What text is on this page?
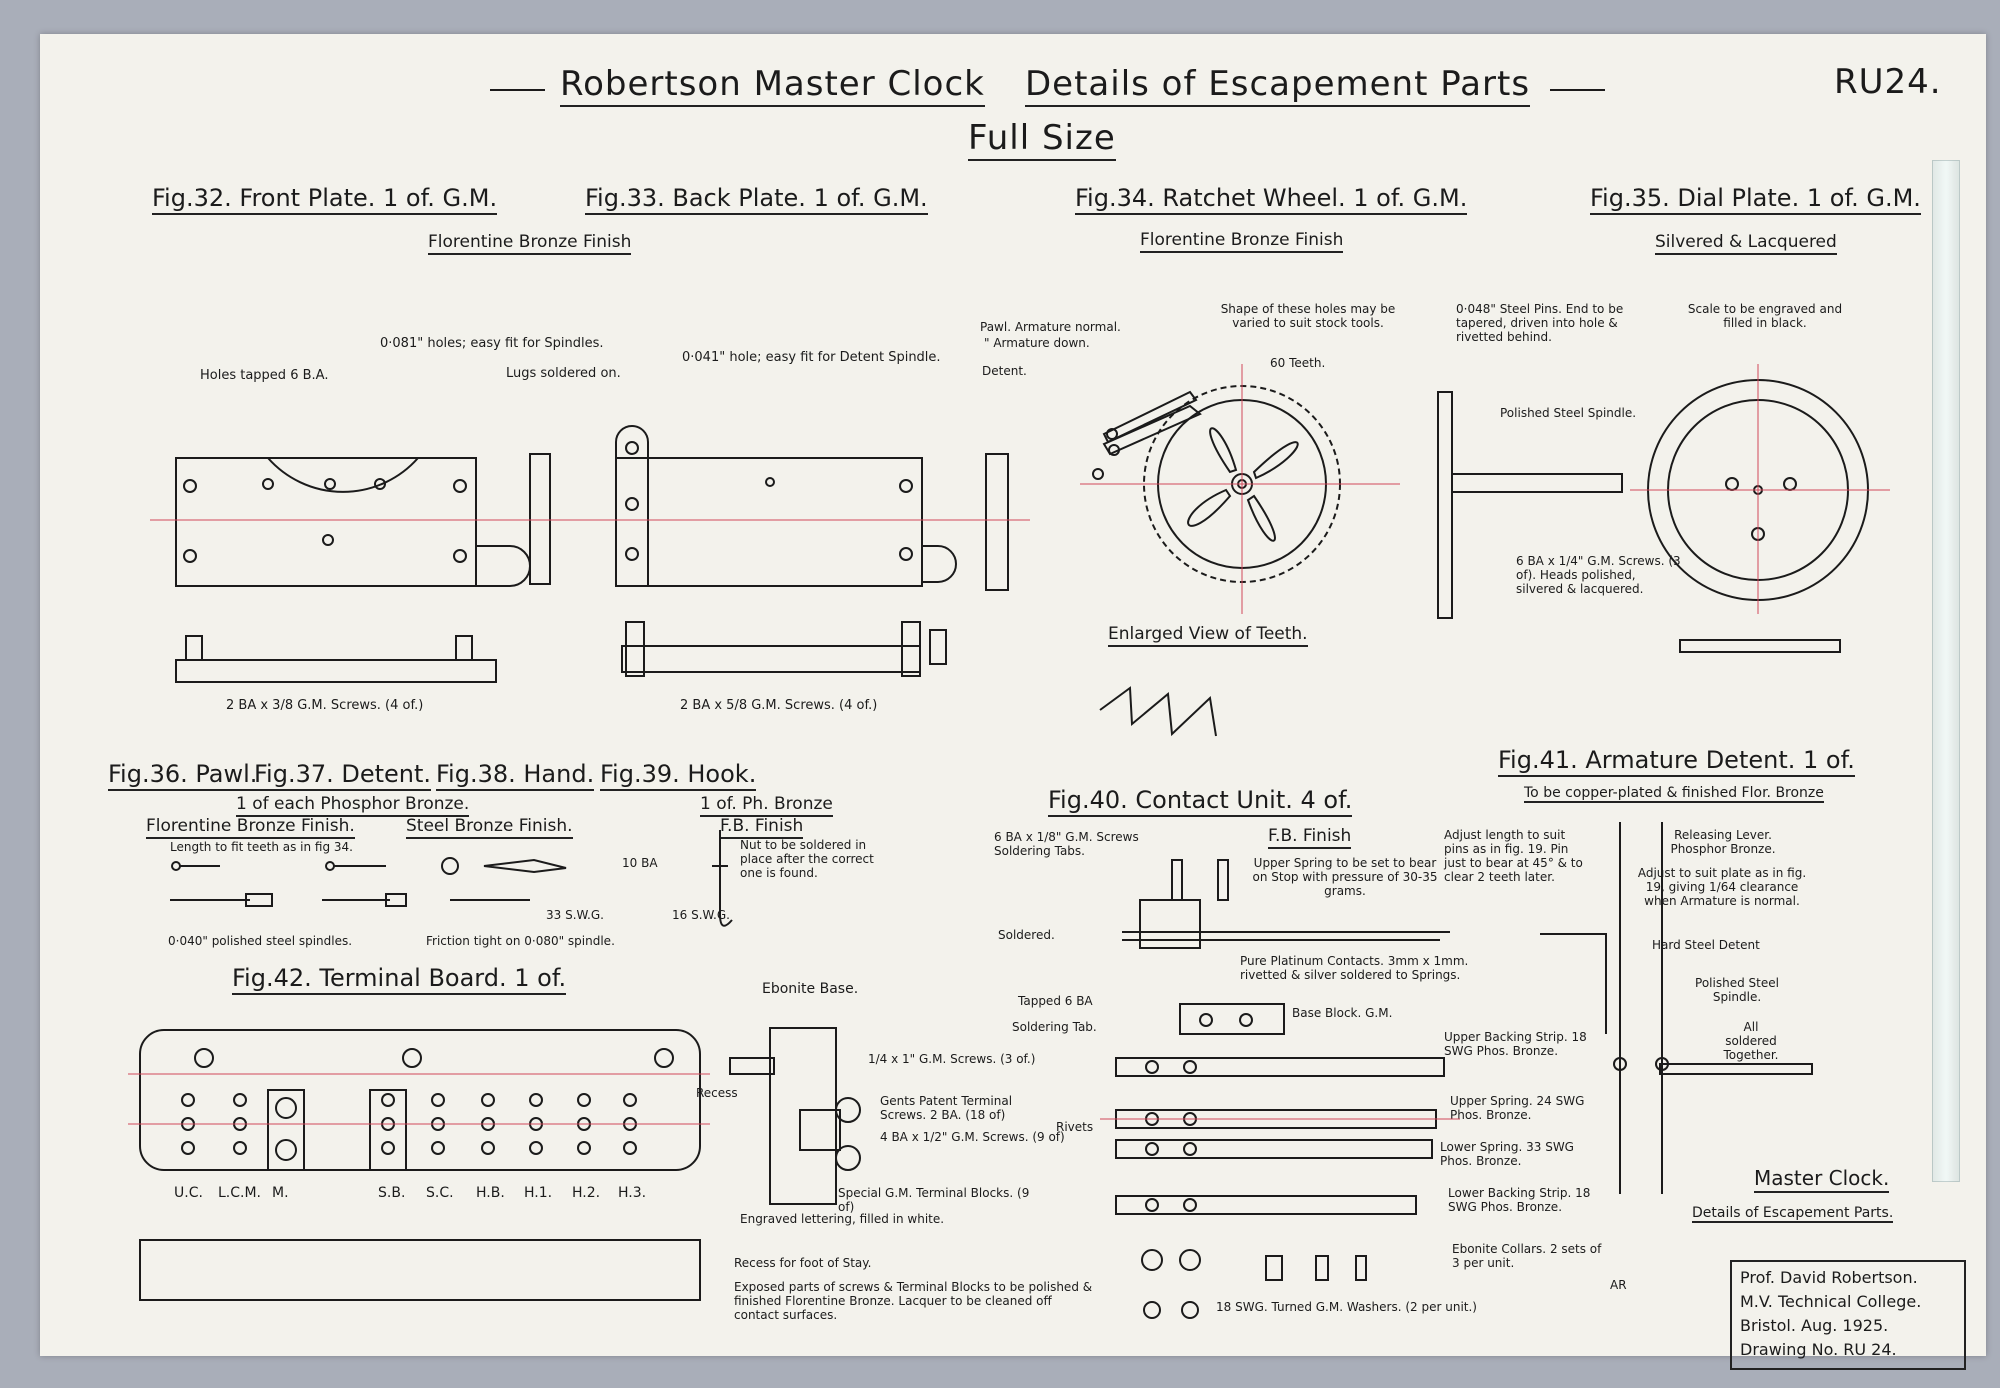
Robertson Master Clock Details of Escapement Parts	RU24.
Full Size
Fig.32. Front Plate. 1 of. G.M.	Fig.33. Back Plate. 1 of. G.M.
Florentine Bronze Finish
Fig.34. Ratchet Wheel. 1 of. G.M.
Florentine Bronze Finish
Fig.35. Dial Plate. 1 of. G.M.
Silvered & Lacquered
Holes tapped 6 B.A.
0·081" holes; easy fit for Spindles.
Lugs soldered on.
0·041" hole; easy fit for Detent Spindle.
2 BA x 3/8 G.M. Screws. (4 of.)	2 BA x 5/8 G.M. Screws. (4 of.)
Pawl. Armature normal.
" Armature down.
Detent.
Shape of these holes may be varied to suit stock tools.
60 Teeth.
Enlarged View of Teeth.
0·048" Steel Pins. End to be tapered, driven into hole & rivetted behind.
Polished Steel Spindle.
6 BA x 1/4" G.M. Screws. (3 of). Heads polished, silvered & lacquered.
Scale to be engraved and filled in black.
Fig.36. Pawl.
Fig.37. Detent. Fig.38. Hand. Fig.39. Hook.
1 of each Phosphor Bronze.
Florentine Bronze Finish.	Steel Bronze Finish.
Length to fit teeth as in fig 34.
0·040" polished steel spindles.	Friction tight on 0·080" spindle.
33 S.W.G.
1 of. Ph. Bronze
F.B. Finish
Nut to be soldered in place after the correct one is found.
10 BA
16 S.W.G.
Fig.40. Contact Unit. 4 of.
F.B. Finish
6 BA x 1/8" G.M. Screws Soldering Tabs.
Upper Spring to be set to bear on Stop with pressure of 30-35 grams.
Soldered.
Pure Platinum Contacts. 3mm x 1mm. rivetted & silver soldered to Springs.
Tapped 6 BA
Soldering Tab.
Base Block. G.M.
Upper Backing Strip. 18 SWG Phos. Bronze.
Upper Spring. 24 SWG Phos. Bronze.
Lower Spring. 33 SWG Phos. Bronze.
Lower Backing Strip. 18 SWG Phos. Bronze.
Rivets
Ebonite Collars. 2 sets of 3 per unit.
18 SWG. Turned G.M. Washers. (2 per unit.)
Fig.41. Armature Detent. 1 of.
To be copper-plated & finished Flor. Bronze
Adjust length to suit pins as in fig. 19. Pin just to bear at 45° & to clear 2 teeth later.
Releasing Lever. Phosphor Bronze.
Adjust to suit plate as in fig. 19, giving 1/64 clearance when Armature is normal.
Hard Steel Detent
Polished Steel Spindle.
All soldered Together.
Fig.42. Terminal Board. 1 of.	Ebonite Base.
1/4 x 1" G.M. Screws. (3 of.)
Gents Patent Terminal Screws. 2 BA. (18 of)
4 BA x 1/2" G.M. Screws. (9 of)
Special G.M. Terminal Blocks. (9 of)
Engraved lettering, filled in white.
Recess for foot of Stay.
Exposed parts of screws & Terminal Blocks to be polished & finished Florentine Bronze. Lacquer to be cleaned off contact surfaces.
Recess
AR
U.C. L.C.M. M.	S.B. S.C. H.B. H.1. H.2. H.3.
Master Clock.
Details of Escapement Parts.
Prof. David Robertson.
M.V. Technical College.
Bristol. Aug. 1925.
Drawing No. RU 24.
